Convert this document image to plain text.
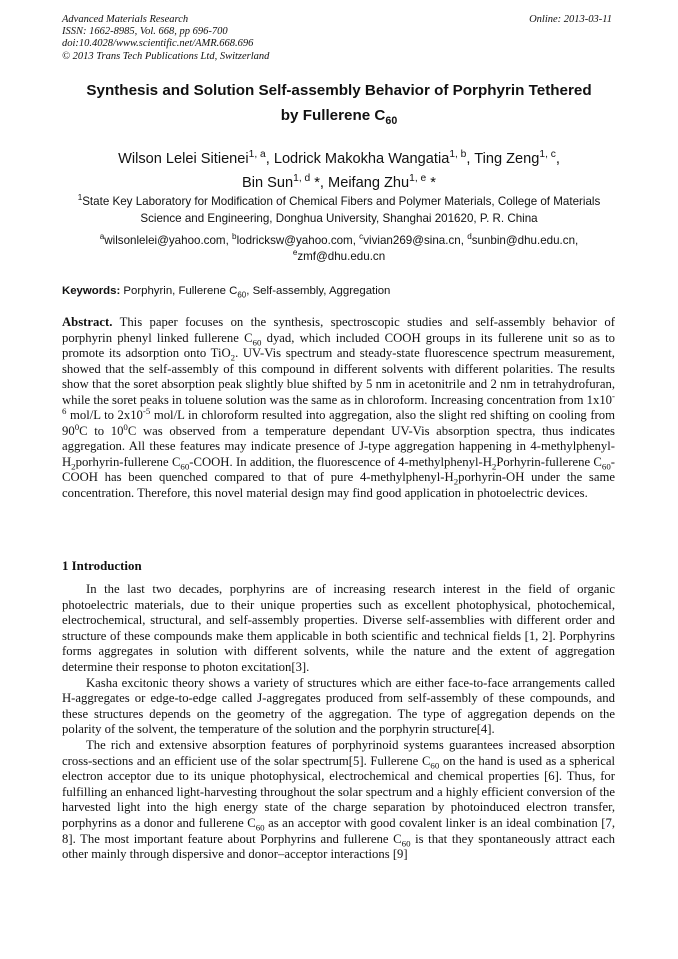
Advanced Materials Research
ISSN: 1662-8985, Vol. 668, pp 696-700
doi:10.4028/www.scientific.net/AMR.668.696
© 2013 Trans Tech Publications Ltd, Switzerland
Online: 2013-03-11
Synthesis and Solution Self-assembly Behavior of Porphyrin Tethered
by Fullerene $C_{60}$
Wilson Lelei Sitienei$^{1, a}$, Lodrick Makokha Wangatia$^{1, b}$, Ting Zeng$^{1, c}$,
Bin Sun$^{1, d}$ *, Meifang Zhu$^{1, e}$ *
$^1$State Key Laboratory for Modification of Chemical Fibers and Polymer Materials, College of Materials Science and Engineering, Donghua University, Shanghai 201620, P. R. China
$^a$wilsonlelei@yahoo.com, $^b$lodricksw@yahoo.com, $^c$vivian269@sina.cn, $^d$sunbin@dhu.edu.cn,
$^e$zmf@dhu.edu.cn
Keywords: Porphyrin, Fullerene $C_{60}$, Self-assembly, Aggregation

Abstract. This paper focuses on the synthesis, spectroscopic studies and self-assembly behavior of porphyrin phenyl linked fullerene $C_{60}$ dyad, which included COOH groups in its fullerene unit so as to promote its adsorption onto TiO$_2$. UV-Vis spectrum and steady-state fluorescence spectrum measurement, showed that the self-assembly of this compound in different solvents with different polarities. The results show that the soret absorption peak slightly blue shifted by 5 nm in acetonitrile and 2 nm in tetrahydrofuran, while the soret peaks in toluene solution was the same as in chloroform. Increasing concentration from $1x10^{-6}$ mol/L to $2x10^{-5}$ mol/L in chloroform resulted into aggregation, also the slight red shifting on cooling from $90^0C$ to $10^0C$ was observed from a temperature dependant UV-Vis absorption spectra, thus indicates aggregation. All these features may indicate presence of J-type aggregation happening in $4-methylphenyl-H_2porhyrin$-fullerene $C_{60}$-COOH. In addition, the fluorescence of $4-methylphenyl-H_2Porhyrin$-fullerene $C_{60}$-COOH has been quenched compared to that of pure $4-methylphenyl-H_2porhyrin-OH$ under the same concentration. Therefore, this novel material design may find good application in photoelectric devices.

1 Introduction

In the last two decades, porphyrins are of increasing research interest in the field of organic photoelectric materials, due to their unique properties such as excellent photophysical, photochemical, electrochemical, structural, and self-assembly properties. Diverse self-assemblies with different order and structure of these compounds make them applicable in both scientific and technical fields [1, 2]. Porphyrins forms aggregates in solution with different solvents, while the nature and the extent of aggregation determine their response to photon excitation[3].

Kasha excitonic theory shows a variety of structures which are either face-to-face arrangements called H-aggregates or edge-to-edge called J-aggregates produced from self-assembly of these compounds, and these structures depends on the geometry of the aggregation. The type of aggregation depends on the polarity of the solvent, the temperature of the solution and the porphyrin structure[4].

The rich and extensive absorption features of porphyrinoid systems guarantees increased absorption cross-sections and an efficient use of the solar spectrum[5]. Fullerene $C_{60}$ on the hand is used as a spherical electron acceptor due to its unique photophysical, electrochemical and chemical properties [6]. Thus, for fulfilling an enhanced light-harvesting throughout the solar spectrum and a highly efficient conversion of the harvested light into the high energy state of the charge separation by photoinduced electron transfer, porphyrins as a donor and fullerene $C_{60}$ as an acceptor with good covalent linker is an ideal combination [7, 8]. The most important feature about Porphyrins and fullerene $C_{60}$ is that they spontaneously attract each other mainly through dispersive and donor–acceptor interactions [9]
